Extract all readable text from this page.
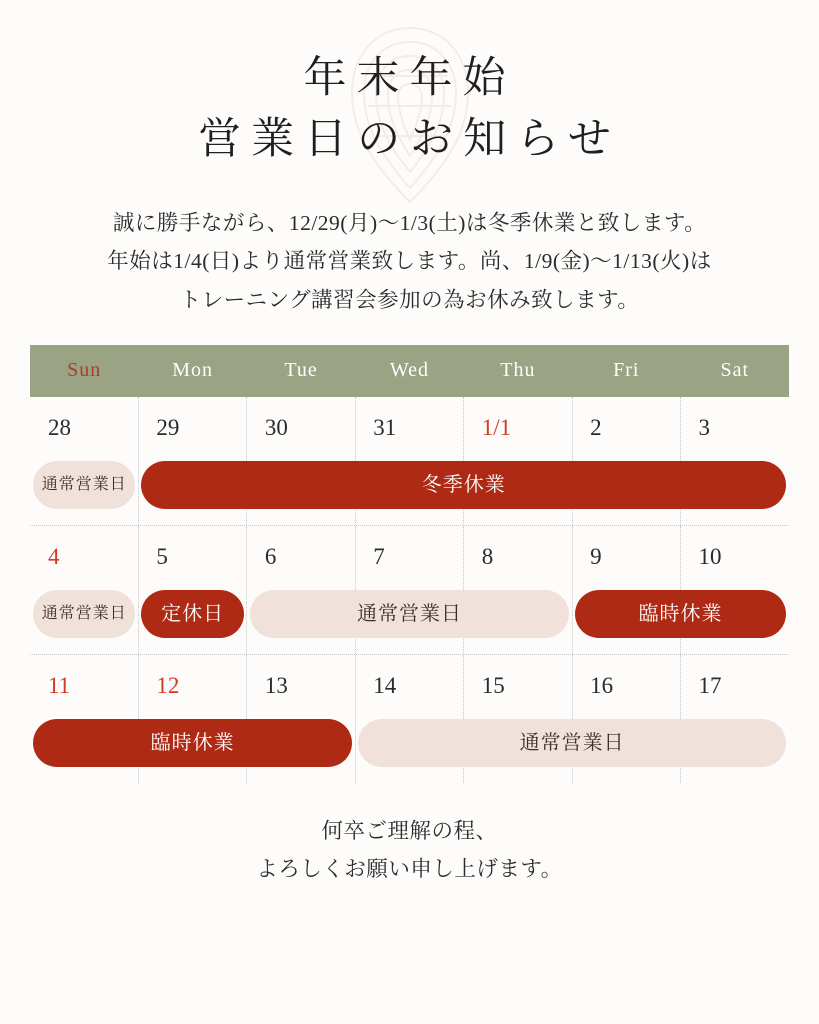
年末年始
営業日のお知らせ
誠に勝手ながら、12/29(月)〜1/3(土)は冬季休業と致します。
年始は1/4(日)より通常営業致します。尚、1/9(金)〜1/13(火)は
トレーニング講習会参加の為お休み致します。
Sun	Mon	Tue	Wed	Thu	Fri	Sat
28	29	30	31	1/1	2	3
通常営業日	冬季休業
4	5	6	7	8	9	10
通常営業日	定休日	通常営業日	臨時休業
11	12	13	14	15	16	17
臨時休業	通常営業日
何卒ご理解の程、
よろしくお願い申し上げます。
